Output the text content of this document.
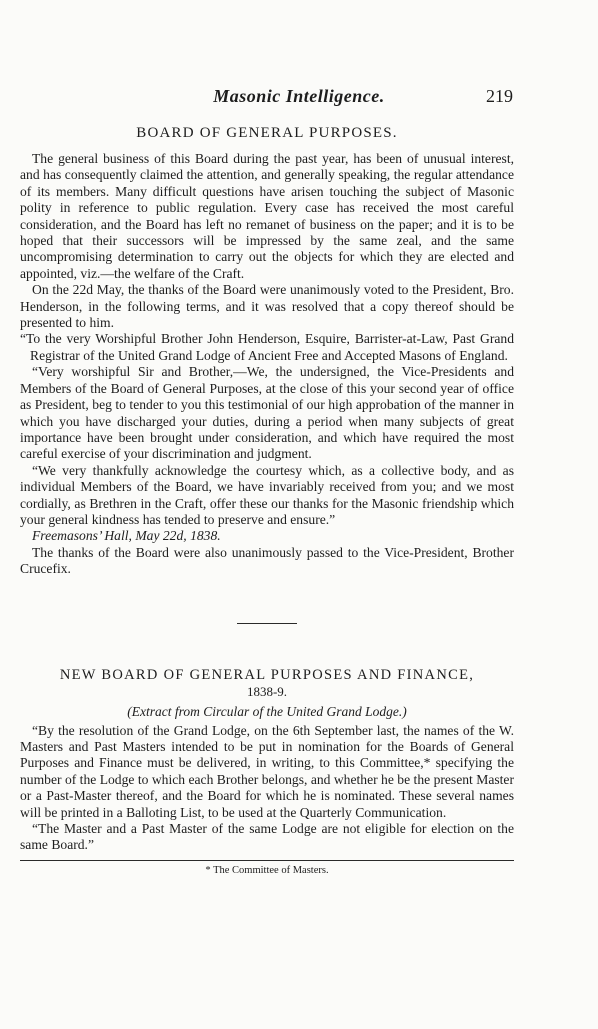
Masonic Intelligence.	219
BOARD OF GENERAL PURPOSES.

The general business of this Board during the past year, has been of unusual interest, and has consequently claimed the attention, and generally speaking, the regular attendance of its members. Many difficult questions have arisen touching the subject of Masonic polity in reference to public regulation. Every case has received the most careful consideration, and the Board has left no remanet of business on the paper; and it is to be hoped that their successors will be impressed by the same zeal, and the same uncompromising determination to carry out the objects for which they are elected and appointed, viz.—the welfare of the Craft.

On the 22d May, the thanks of the Board were unanimously voted to the President, Bro. Henderson, in the following terms, and it was resolved that a copy thereof should be presented to him.

“To the very Worshipful Brother John Henderson, Esquire, Barrister-at-Law, Past Grand Registrar of the United Grand Lodge of Ancient Free and Accepted Masons of England.

“Very worshipful Sir and Brother,—We, the undersigned, the Vice-Presidents and Members of the Board of General Purposes, at the close of this your second year of office as President, beg to tender to you this testimonial of our high approbation of the manner in which you have discharged your duties, during a period when many subjects of great importance have been brought under consideration, and which have required the most careful exercise of your discrimination and judgment.

“We very thankfully acknowledge the courtesy which, as a collective body, and as individual Members of the Board, we have invariably received from you; and we most cordially, as Brethren in the Craft, offer these our thanks for the Masonic friendship which your general kindness has tended to preserve and ensure.”

Freemasons’ Hall, May 22d, 1838.

The thanks of the Board were also unanimously passed to the Vice-President, Brother Crucefix.

NEW BOARD OF GENERAL PURPOSES AND FINANCE,
1838-9.
(Extract from Circular of the United Grand Lodge.)

“By the resolution of the Grand Lodge, on the 6th September last, the names of the W. Masters and Past Masters intended to be put in nomination for the Boards of General Purposes and Finance must be delivered, in writing, to this Committee,* specifying the number of the Lodge to which each Brother belongs, and whether he be the present Master or a Past-Master thereof, and the Board for which he is nominated. These several names will be printed in a Balloting List, to be used at the Quarterly Communication.

“The Master and a Past Master of the same Lodge are not eligible for election on the same Board.”

* The Committee of Masters.
